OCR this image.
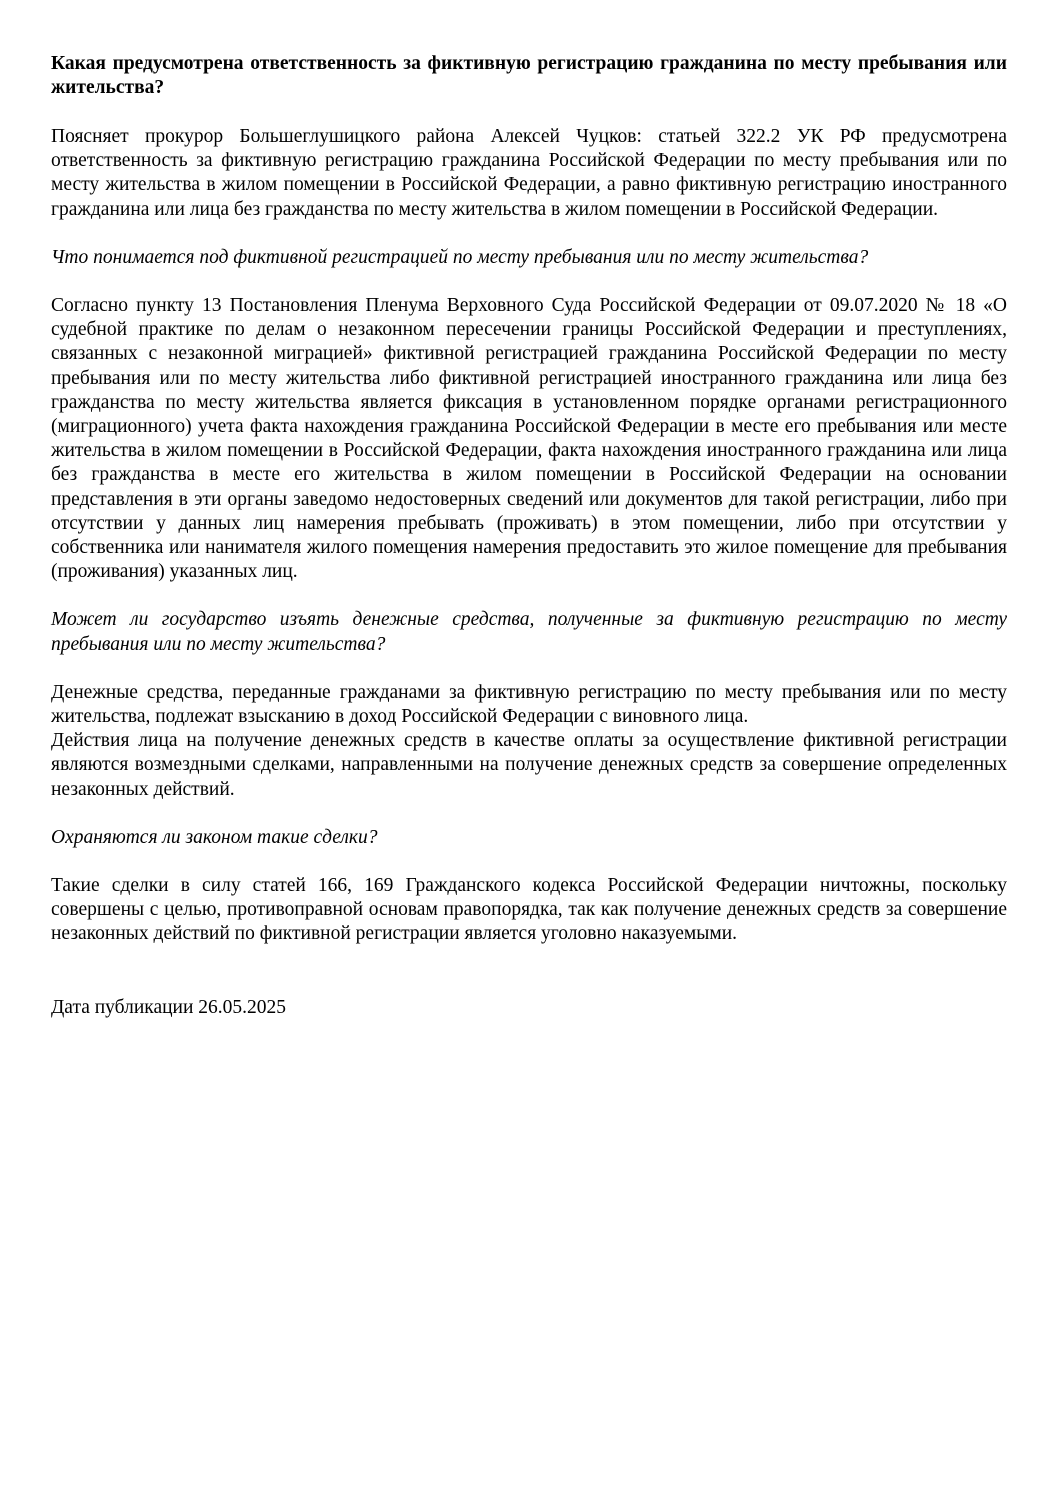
Какая предусмотрена ответственность за фиктивную регистрацию гражданина по месту пребывания или жительства?

Поясняет прокурор Большеглушицкого района Алексей Чуцков: статьей 322.2 УК РФ предусмотрена ответственность за фиктивную регистрацию гражданина Российской Федерации по месту пребывания или по месту жительства в жилом помещении в Российской Федерации, а равно фиктивную регистрацию иностранного гражданина или лица без гражданства по месту жительства в жилом помещении в Российской Федерации.

Что понимается под фиктивной регистрацией по месту пребывания или по месту жительства?

Согласно пункту 13 Постановления Пленума Верховного Суда Российской Федерации от 09.07.2020 № 18 «О судебной практике по делам о незаконном пересечении границы Российской Федерации и преступлениях, связанных с незаконной миграцией» фиктивной регистрацией гражданина Российской Федерации по месту пребывания или по месту жительства либо фиктивной регистрацией иностранного гражданина или лица без гражданства по месту жительства является фиксация в установленном порядке органами регистрационного (миграционного) учета факта нахождения гражданина Российской Федерации в месте его пребывания или месте жительства в жилом помещении в Российской Федерации, факта нахождения иностранного гражданина или лица без гражданства в месте его жительства в жилом помещении в Российской Федерации на основании представления в эти органы заведомо недостоверных сведений или документов для такой регистрации, либо при отсутствии у данных лиц намерения пребывать (проживать) в этом помещении, либо при отсутствии у собственника или нанимателя жилого помещения намерения предоставить это жилое помещение для пребывания (проживания) указанных лиц.

Может ли государство изъять денежные средства, полученные за фиктивную регистрацию по месту пребывания или по месту жительства?

Денежные средства, переданные гражданами за фиктивную регистрацию по месту пребывания или по месту жительства, подлежат взысканию в доход Российской Федерации с виновного лица.

Действия лица на получение денежных средств в качестве оплаты за осуществление фиктивной регистрации являются возмездными сделками, направленными на получение денежных средств за совершение определенных незаконных действий.

Охраняются ли законом такие сделки?

Такие сделки в силу статей 166, 169 Гражданского кодекса Российской Федерации ничтожны, поскольку совершены с целью, противоправной основам правопорядка, так как получение денежных средств за совершение незаконных действий по фиктивной регистрации является уголовно наказуемыми.

Дата публикации 26.05.2025
